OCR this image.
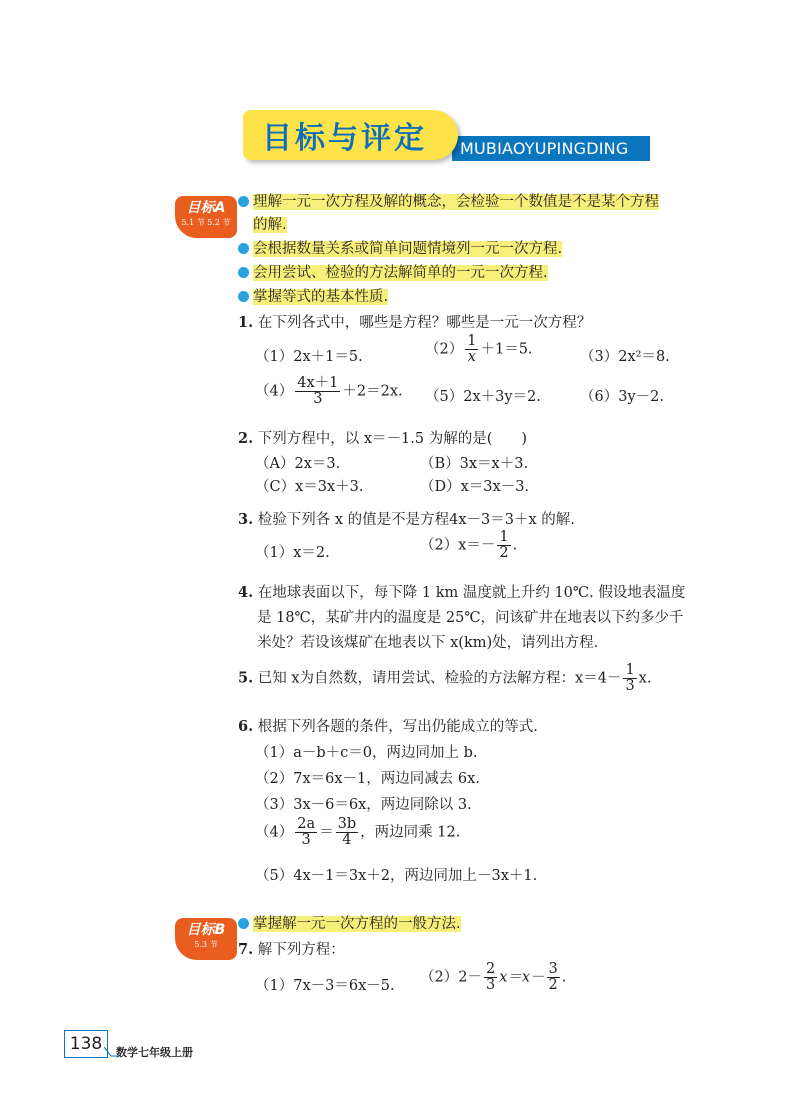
MUBIAOYUPINGDING
目标与评定
目标A
5.1 节 5.2 节
理解一元一次方程及解的概念，会检验一个数值是不是某个方程
的解.
会根据数量关系或简单问题情境列一元一次方程.
会用尝试、检验的方法解简单的一元一次方程.
掌握等式的基本性质.
1. 在下列各式中，哪些是方程？哪些是一元一次方程？
（1）2x＋1＝5.	$(2) \frac{1}{x} +1=5$.	（3）2x²＝8.
$(4) \frac{4x+1}{3} +2=2x$. （5）2x＋3y＝2.	（6）3y－2.
2. 下列方程中，以 x＝－1.5 为解的是(　　)
（A）2x＝3.	（B）3x＝x＋3.
（C）x＝3x＋3.	（D）x＝3x－3.
3. 检验下列各 x 的值是不是方程4x－3＝3＋x 的解.
（1）x＝2.	$(2)x=- \frac{1}{2}$ .
4. 在地球表面以下，每下降 1 km 温度就上升约 10℃. 假设地表温度
是 18℃，某矿井内的温度是 25℃，问该矿井在地表以下约多少千
米处？若设该煤矿在地表以下 x(km)处，请列出方程.
5. 已知 x为自然数，请用尝试、检验的方法解方程：$x=4- \frac{1}{3} x$.
6. 根据下列各题的条件，写出仍能成立的等式.
（1）a－b＋c＝0，两边同加上 b.
（2）7x＝6x－1，两边同减去 6x.
（3）3x－6＝6x，两边同除以 3.
$(4) \frac{2a}{3} = \frac{3b}{4}$ ，两边同乘 12.
（5）4x－1＝3x＋2，两边同加上－3x＋1.
目标B
5.3 节
掌握解一元一次方程的一般方法.
7. 解下列方程：
（1）7x－3＝6x－5.
$(2)2- \frac{2}{3} x=x- \frac{3}{2}$ .
138	数学七年级上册
